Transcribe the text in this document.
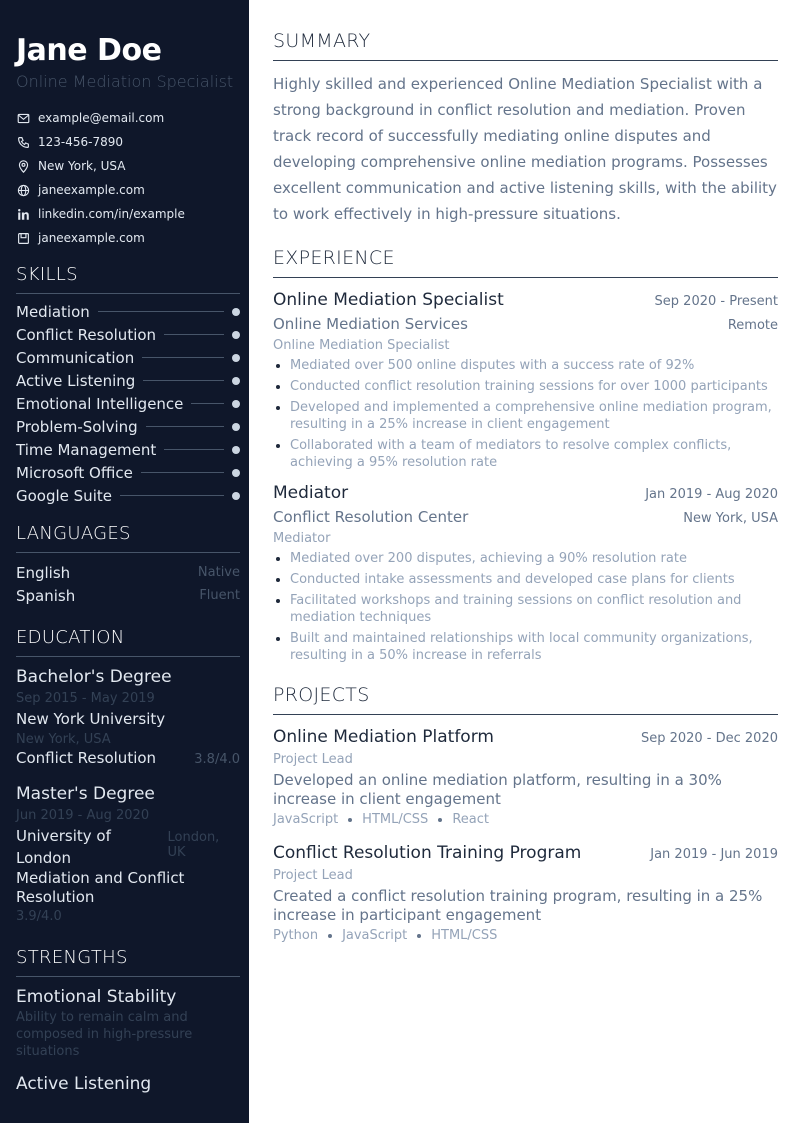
Jane Doe
Online Mediation Specialist
example@email.com
123-456-7890
New York, USA
janeexample.com
linkedin.com/in/example
janeexample.com
SKILLS
Mediation
Conflict Resolution
Communication
Active Listening
Emotional Intelligence
Problem-Solving
Time Management
Microsoft Office
Google Suite
LANGUAGES
English	Native
Spanish	Fluent
EDUCATION
Bachelor's Degree
Sep 2015 - May 2019
New York University
New York, USA
Conflict Resolution	3.8/4.0
Master's Degree
Jun 2019 - Aug 2020
University of London
London, UK
Mediation and Conflict Resolution
3.9/4.0
STRENGTHS
Emotional Stability
Ability to remain calm and composed in high-pressure situations
Active Listening
SUMMARY
Highly skilled and experienced Online Mediation Specialist with a strong background in conflict resolution and mediation. Proven track record of successfully mediating online disputes and developing comprehensive online mediation programs. Possesses excellent communication and active listening skills, with the ability to work effectively in high-pressure situations.
EXPERIENCE
Online Mediation Specialist	Sep 2020 - Present
Online Mediation Services	Remote
Online Mediation Specialist
Mediated over 500 online disputes with a success rate of 92%
Conducted conflict resolution training sessions for over 1000 participants
Developed and implemented a comprehensive online mediation program, resulting in a 25% increase in client engagement
Collaborated with a team of mediators to resolve complex conflicts, achieving a 95% resolution rate
Mediator	Jan 2019 - Aug 2020
Conflict Resolution Center	New York, USA
Mediator
Mediated over 200 disputes, achieving a 90% resolution rate
Conducted intake assessments and developed case plans for clients
Facilitated workshops and training sessions on conflict resolution and mediation techniques
Built and maintained relationships with local community organizations, resulting in a 50% increase in referrals
PROJECTS
Online Mediation Platform	Sep 2020 - Dec 2020
Project Lead
Developed an online mediation platform, resulting in a 30% increase in client engagement
JavaScript HTML/CSS React
Conflict Resolution Training Program	Jan 2019 - Jun 2019
Project Lead
Created a conflict resolution training program, resulting in a 25% increase in participant engagement
Python JavaScript HTML/CSS
